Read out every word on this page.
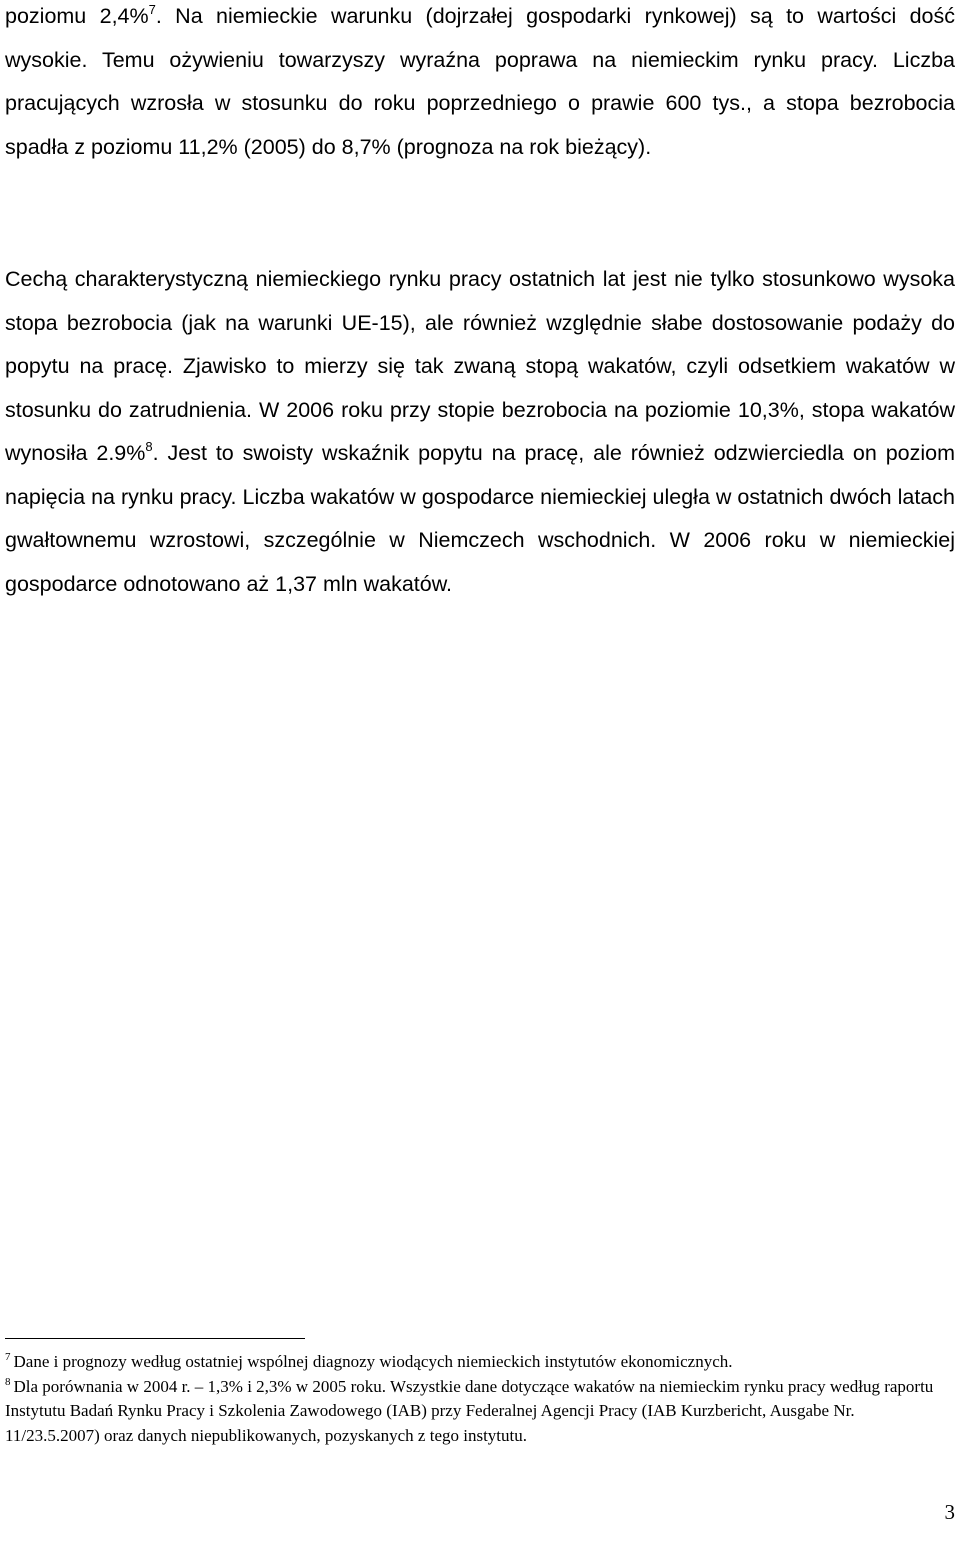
poziomu 2,4%$^7$. Na niemieckie warunku (dojrzałej gospodarki rynkowej) są to wartości dość wysokie. Temu ożywieniu towarzyszy wyraźna poprawa na niemieckim rynku pracy. Liczba pracujących wzrosła w stosunku do roku poprzedniego o prawie 600 tys., a stopa bezrobocia spadła z poziomu 11,2% (2005) do 8,7% (prognoza na rok bieżący).

Cechą charakterystyczną niemieckiego rynku pracy ostatnich lat jest nie tylko stosunkowo wysoka stopa bezrobocia (jak na warunki UE-15), ale również względnie słabe dostosowanie podaży do popytu na pracę. Zjawisko to mierzy się tak zwaną stopą wakatów, czyli odsetkiem wakatów w stosunku do zatrudnienia. W 2006 roku przy stopie bezrobocia na poziomie 10,3%, stopa wakatów wynosiła 2.9%$^8$. Jest to swoisty wskaźnik popytu na pracę, ale również odzwierciedla on poziom napięcia na rynku pracy. Liczba wakatów w gospodarce niemieckiej uległa w ostatnich dwóch latach gwałtownemu wzrostowi, szczególnie w Niemczech wschodnich. W 2006 roku w niemieckiej gospodarce odnotowano aż 1,37 mln wakatów.

$^7$ Dane i prognozy według ostatniej wspólnej diagnozy wiodących niemieckich instytutów ekonomicznych.

$^8$ Dla porównania w 2004 r. – 1,3% i 2,3% w 2005 roku. Wszystkie dane dotyczące wakatów na niemieckim rynku pracy według raportu Instytutu Badań Rynku Pracy i Szkolenia Zawodowego (IAB) przy Federalnej Agencji Pracy (IAB Kurzbericht, Ausgabe Nr. 11/23.5.2007) oraz danych niepublikowanych, pozyskanych z tego instytutu.

3
